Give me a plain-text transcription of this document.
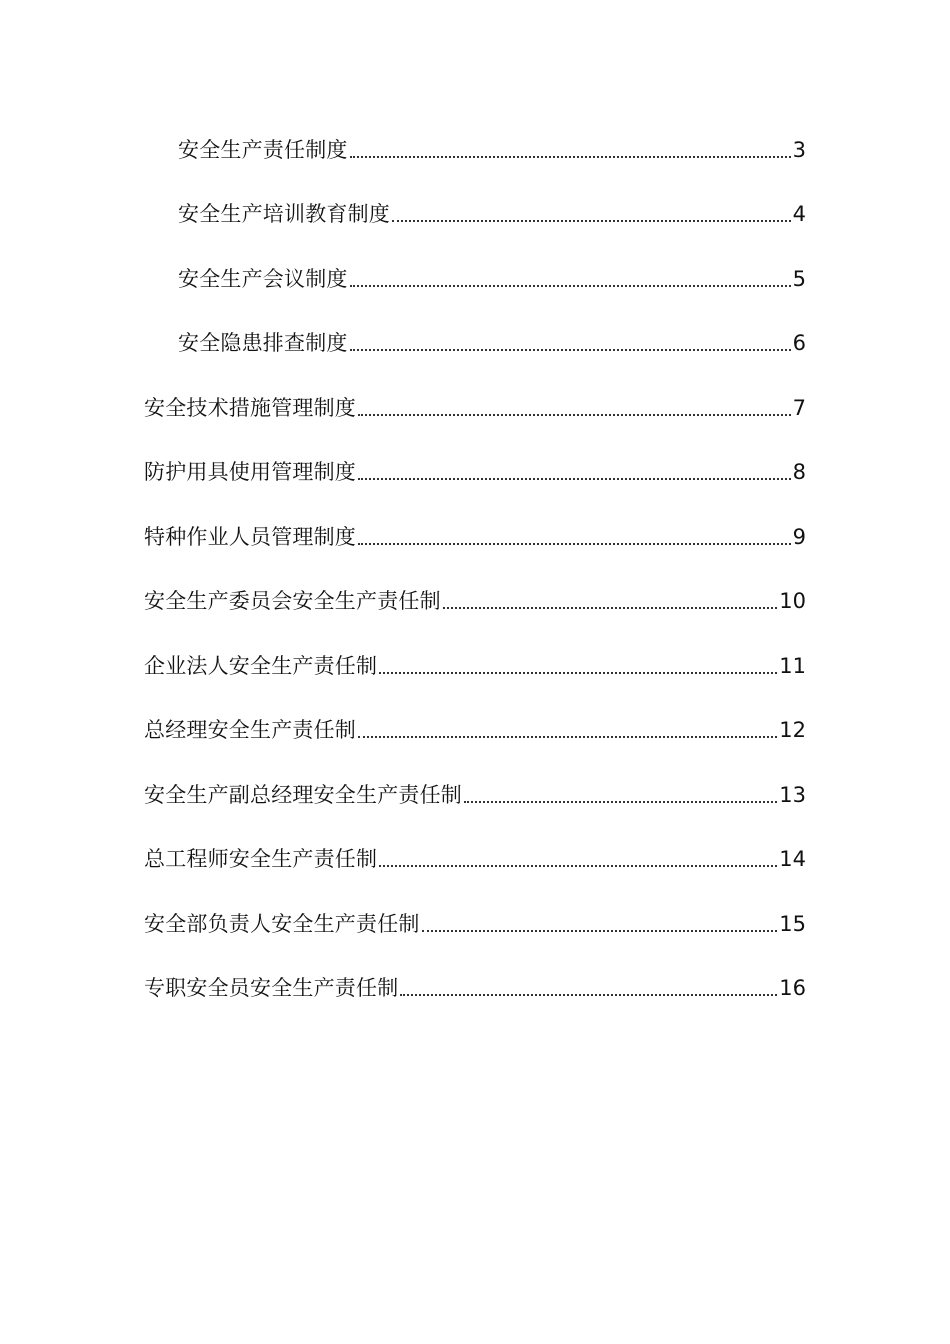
安全生产责任制度	3
安全生产培训教育制度	4
安全生产会议制度	5
安全隐患排查制度	6
安全技术措施管理制度	7
防护用具使用管理制度	8
特种作业人员管理制度	9
安全生产委员会安全生产责任制	10
企业法人安全生产责任制	11
总经理安全生产责任制	12
安全生产副总经理安全生产责任制	13
总工程师安全生产责任制	14
安全部负责人安全生产责任制	15
专职安全员安全生产责任制	16
